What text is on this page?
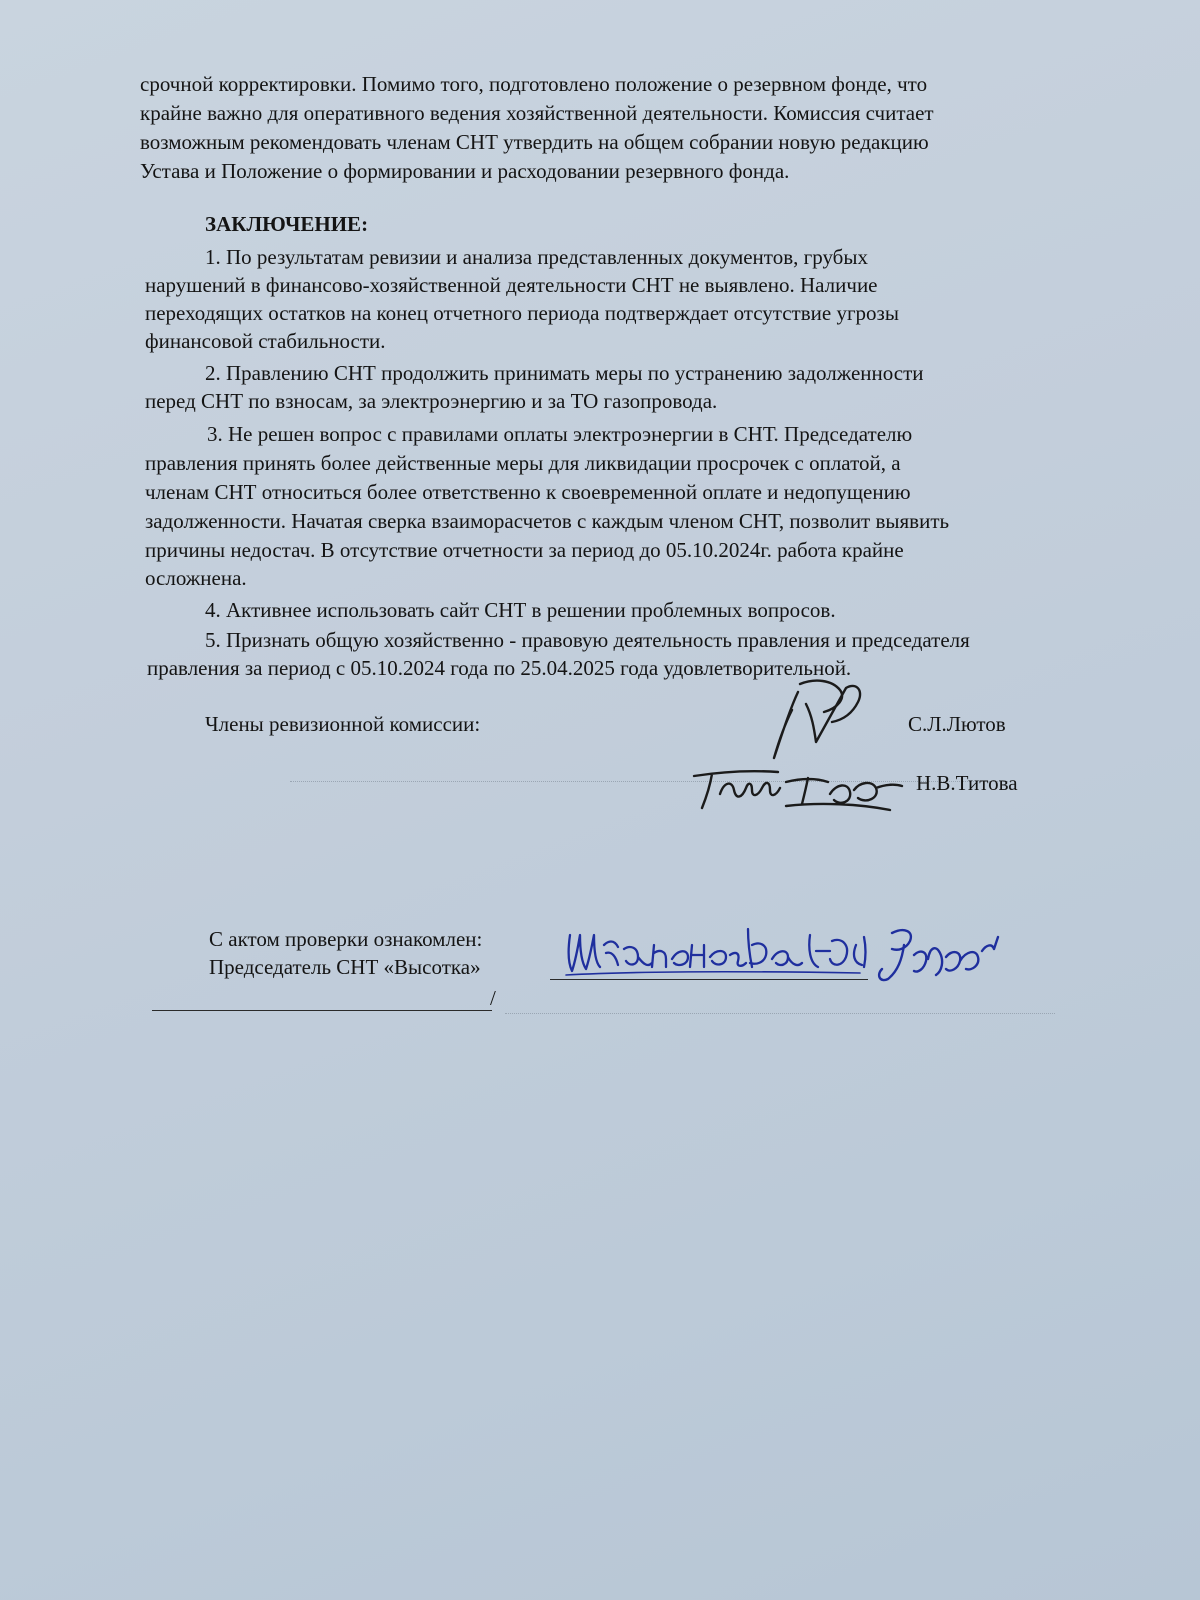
срочной корректировки. Помимо того, подготовлено положение о резервном фонде, что
крайне важно для оперативного ведения хозяйственной деятельности. Комиссия считает
возможным рекомендовать членам СНТ утвердить на общем собрании новую редакцию
Устава и Положение о формировании и расходовании резервного фонда.
ЗАКЛЮЧЕНИЕ:
1. По результатам ревизии и анализа представленных документов, грубых
нарушений в финансово-хозяйственной деятельности СНТ не выявлено. Наличие
переходящих остатков на конец отчетного периода подтверждает отсутствие угрозы
финансовой стабильности.
2. Правлению СНТ продолжить принимать меры по устранению задолженности
перед СНТ по взносам, за электроэнергию и за ТО газопровода.
3. Не решен вопрос с правилами оплаты электроэнергии в СНТ. Председателю
правления принять более действенные меры для ликвидации просрочек с оплатой, а
членам СНТ относиться более ответственно к своевременной оплате и недопущению
задолженности. Начатая сверка взаиморасчетов с каждым членом СНТ, позволит выявить
причины недостач. В отсутствие отчетности за период до 05.10.2024г. работа крайне
осложнена.
4. Активнее использовать сайт СНТ в решении проблемных вопросов.
5. Признать общую хозяйственно - правовую деятельность правления и председателя
правления за период с 05.10.2024 года по 25.04.2025 года удовлетворительной.
Члены ревизионной комиссии:	С.Л.Лютов
Н.В.Титова
С актом проверки ознакомлен:
Председатель СНТ «Высотка»
/
